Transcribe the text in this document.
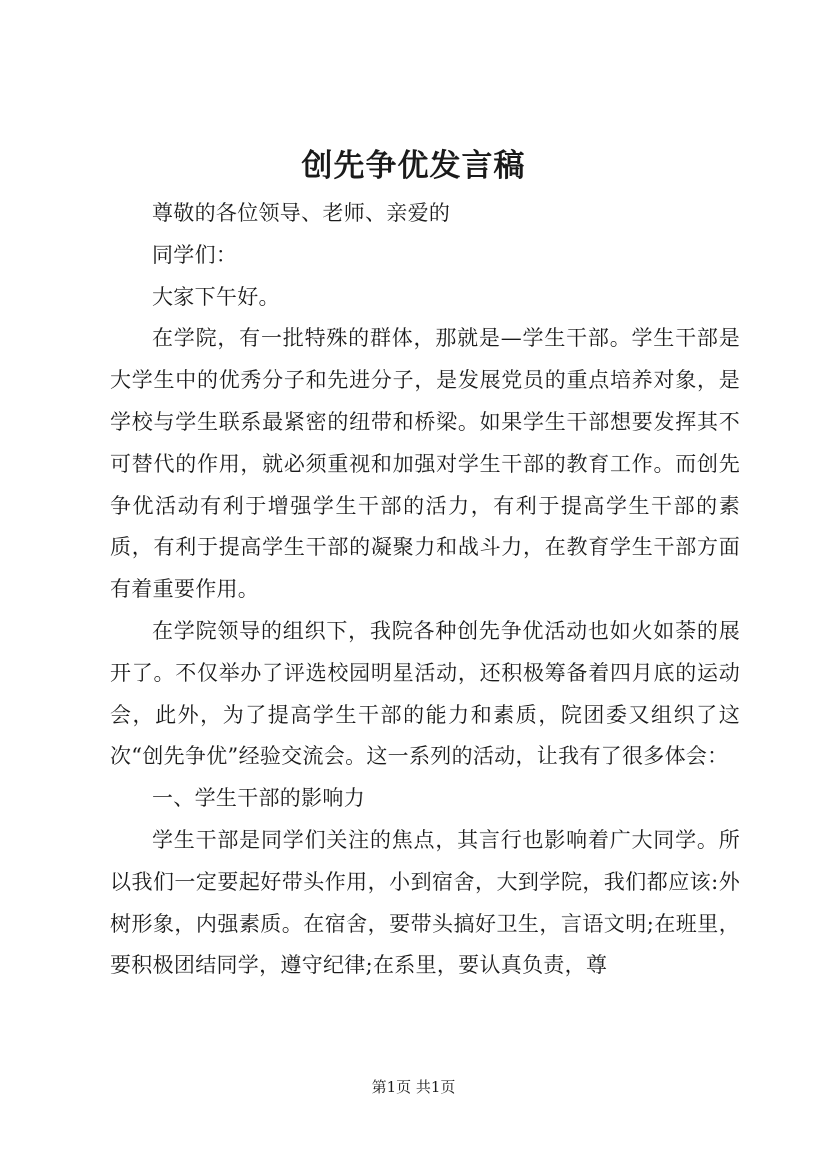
创先争优发言稿

尊敬的各位领导、老师、亲爱的

同学们：

大家下午好。

在学院，有一批特殊的群体，那就是—学生干部。学生干部是大学生中的优秀分子和先进分子，是发展党员的重点培养对象，是学校与学生联系最紧密的纽带和桥梁。如果学生干部想要发挥其不可替代的作用，就必须重视和加强对学生干部的教育工作。而创先争优活动有利于增强学生干部的活力，有利于提高学生干部的素质，有利于提高学生干部的凝聚力和战斗力，在教育学生干部方面有着重要作用。

在学院领导的组织下，我院各种创先争优活动也如火如荼的展开了。不仅举办了评选校园明星活动，还积极筹备着四月底的运动会，此外，为了提高学生干部的能力和素质，院团委又组织了这次“创先争优”经验交流会。这一系列的活动，让我有了很多体会：

一、学生干部的影响力

学生干部是同学们关注的焦点，其言行也影响着广大同学。所以我们一定要起好带头作用，小到宿舍，大到学院，我们都应该:外树形象，内强素质。在宿舍，要带头搞好卫生，言语文明;在班里，要积极团结同学，遵守纪律;在系里，要认真负责，尊

第1页 共1页
